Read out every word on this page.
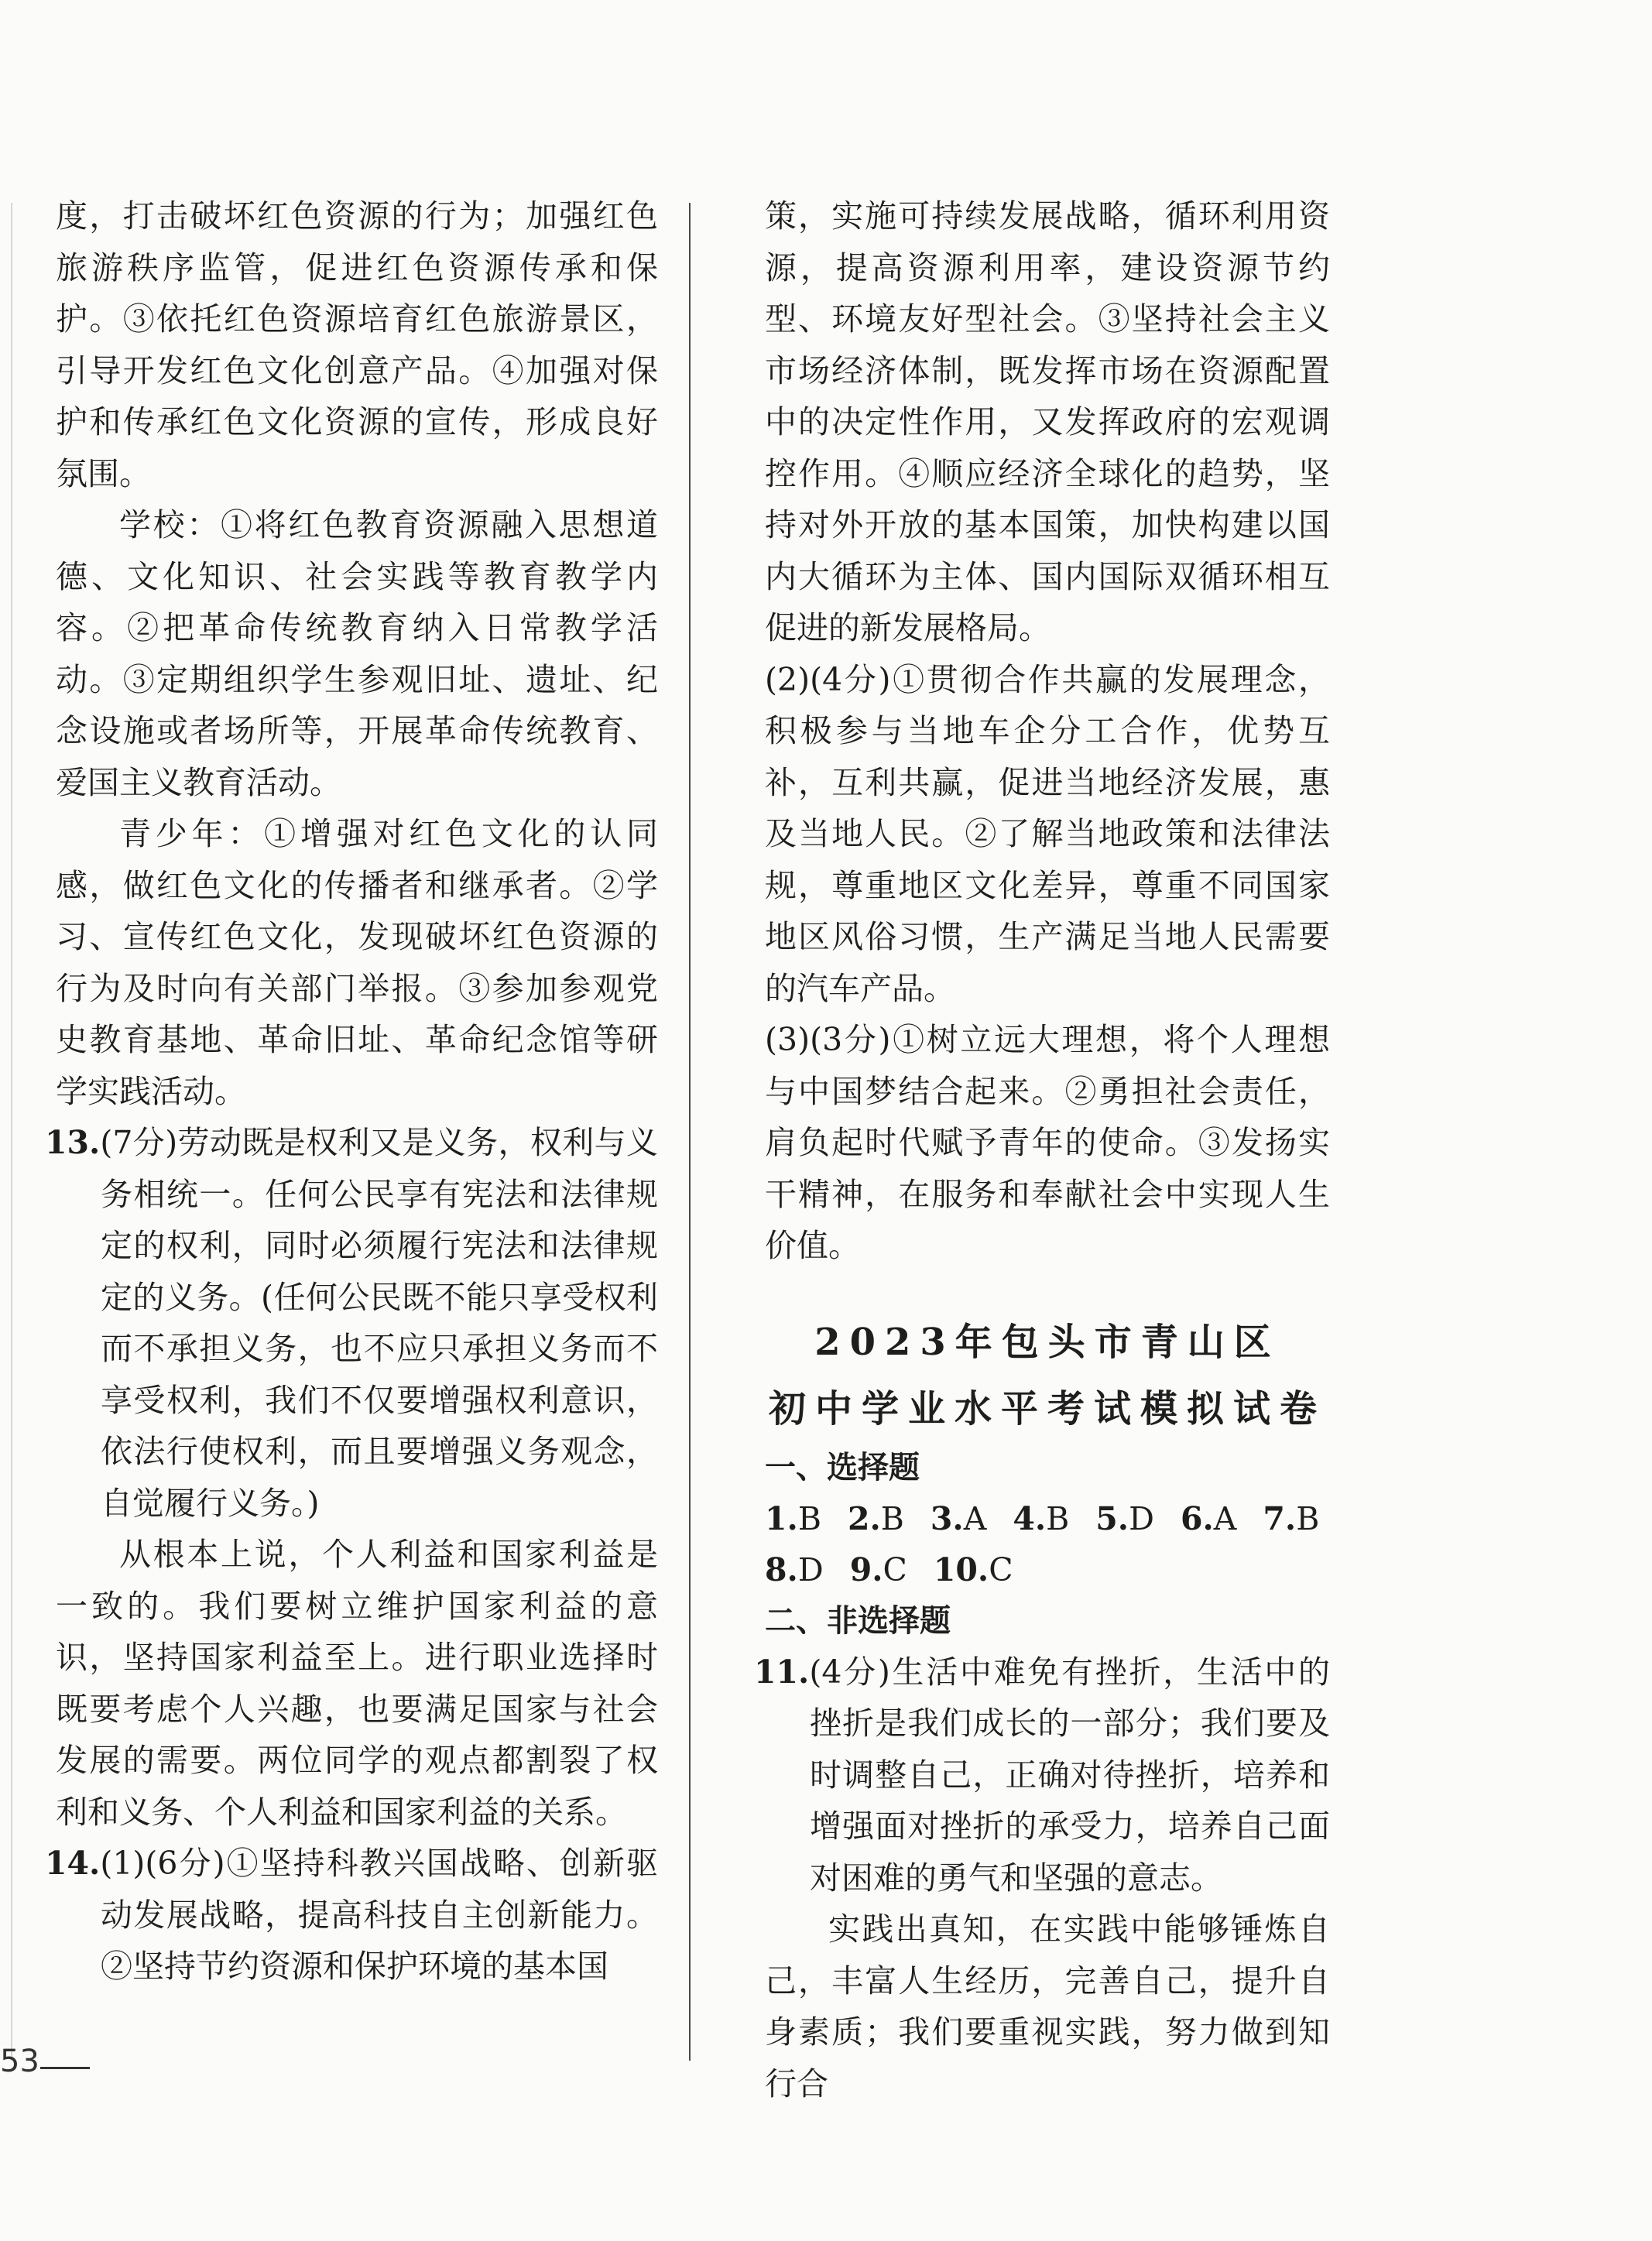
度，打击破坏红色资源的行为；加强红色旅游秩序监管，促进红色资源传承和保护。③依托红色资源培育红色旅游景区，引导开发红色文化创意产品。④加强对保护和传承红色文化资源的宣传，形成良好氛围。

学校：①将红色教育资源融入思想道德、文化知识、社会实践等教育教学内容。②把革命传统教育纳入日常教学活动。③定期组织学生参观旧址、遗址、纪念设施或者场所等，开展革命传统教育、爱国主义教育活动。

青少年：①增强对红色文化的认同感，做红色文化的传播者和继承者。②学习、宣传红色文化，发现破坏红色资源的行为及时向有关部门举报。③参加参观党史教育基地、革命旧址、革命纪念馆等研学实践活动。

13.(7分)劳动既是权利又是义务，权利与义务相统一。任何公民享有宪法和法律规定的权利，同时必须履行宪法和法律规定的义务。(任何公民既不能只享受权利而不承担义务，也不应只承担义务而不享受权利，我们不仅要增强权利意识，依法行使权利，而且要增强义务观念，自觉履行义务。)

从根本上说，个人利益和国家利益是一致的。我们要树立维护国家利益的意识，坚持国家利益至上。进行职业选择时既要考虑个人兴趣，也要满足国家与社会发展的需要。两位同学的观点都割裂了权利和义务、个人利益和国家利益的关系。

14.(1)(6分)①坚持科教兴国战略、创新驱动发展战略，提高科技自主创新能力。②坚持节约资源和保护环境的基本国

策，实施可持续发展战略，循环利用资源，提高资源利用率，建设资源节约型、环境友好型社会。③坚持社会主义市场经济体制，既发挥市场在资源配置中的决定性作用，又发挥政府的宏观调控作用。④顺应经济全球化的趋势，坚持对外开放的基本国策，加快构建以国内大循环为主体、国内国际双循环相互促进的新发展格局。

(2)(4分)①贯彻合作共赢的发展理念，积极参与当地车企分工合作，优势互补，互利共赢，促进当地经济发展，惠及当地人民。②了解当地政策和法律法规，尊重地区文化差异，尊重不同国家地区风俗习惯，生产满足当地人民需要的汽车产品。

(3)(3分)①树立远大理想，将个人理想与中国梦结合起来。②勇担社会责任，肩负起时代赋予青年的使命。③发扬实干精神，在服务和奉献社会中实现人生价值。

2023年包头市青山区
初中学业水平考试模拟试卷

一、选择题

1.B 2.B 3.A 4.B 5.D 6.A 7.B

8.D 9.C 10.C

二、非选择题

11.(4分)生活中难免有挫折，生活中的挫折是我们成长的一部分；我们要及时调整自己，正确对待挫折，培养和增强面对挫折的承受力，培养自己面对困难的勇气和坚强的意志。

实践出真知，在实践中能够锤炼自己，丰富人生经历，完善自己，提升自身素质；我们要重视实践，努力做到知行合

53
